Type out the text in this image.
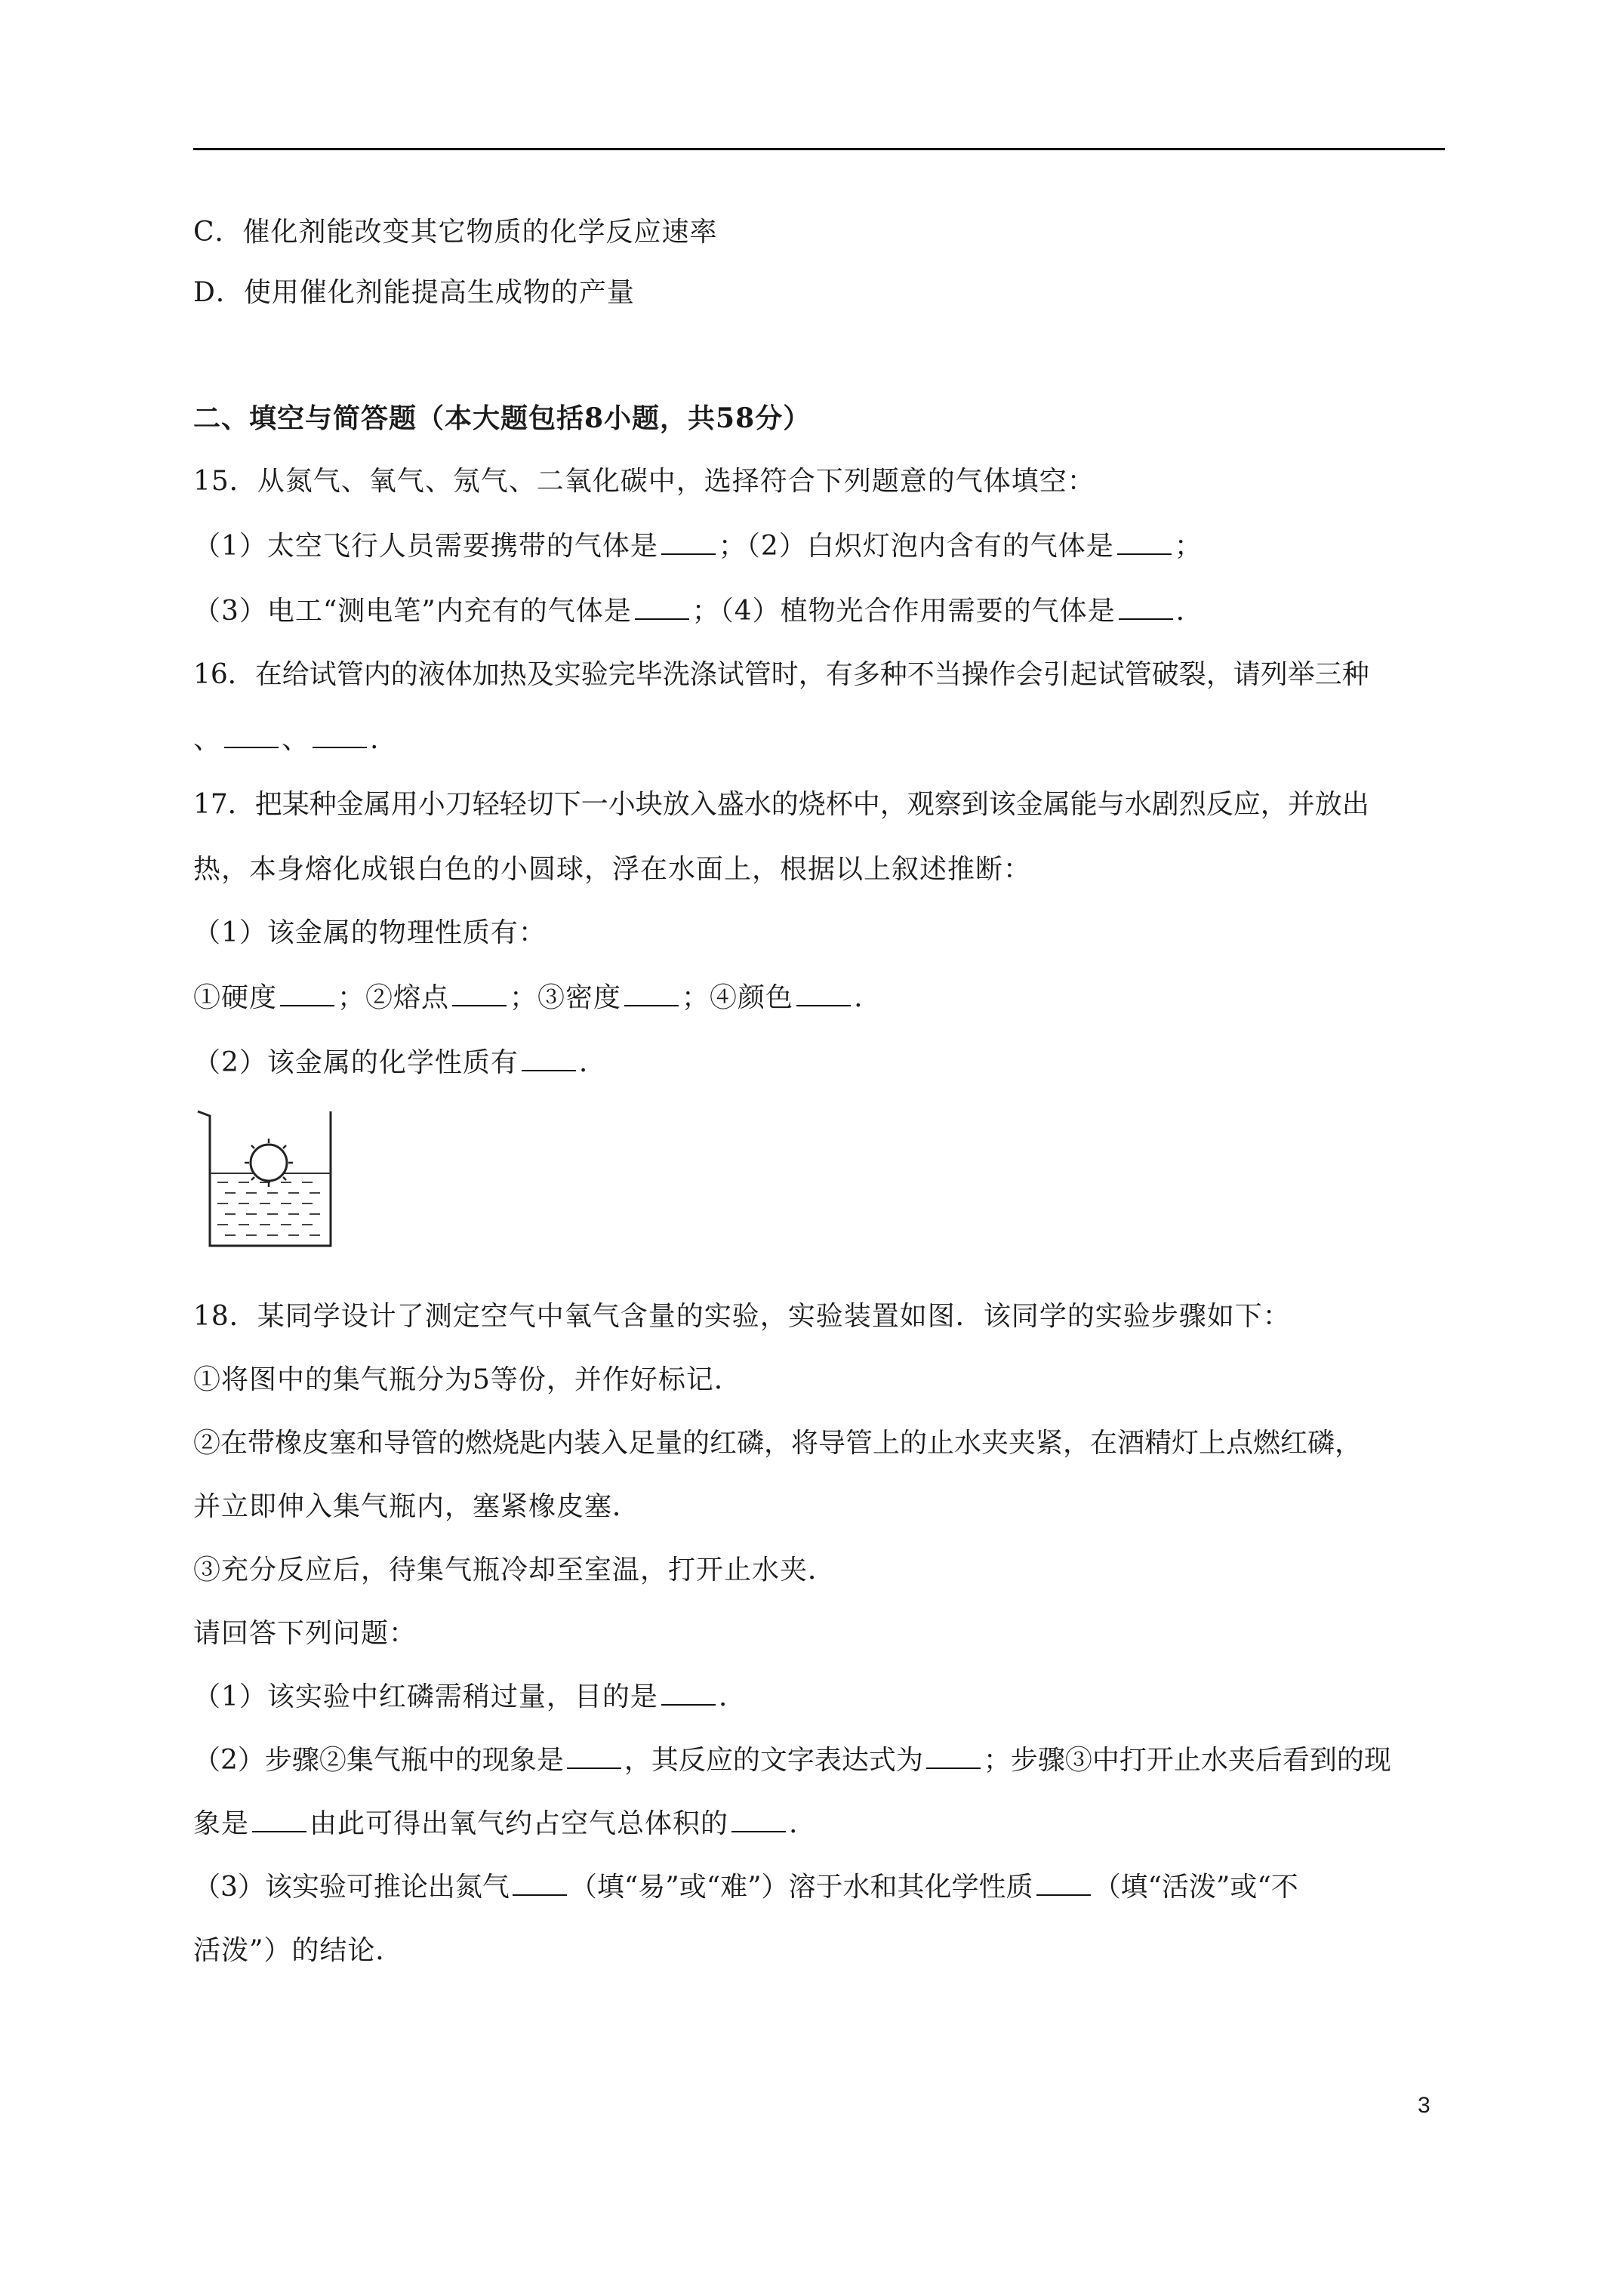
C．催化剂能改变其它物质的化学反应速率
D．使用催化剂能提高生成物的产量
二、填空与简答题（本大题包括8小题，共58分）
15．从氮气、氧气、氖气、二氧化碳中，选择符合下列题意的气体填空：
（1）太空飞行人员需要携带的气体是 ；（2）白炽灯泡内含有的气体是 ；
（3）电工“测电笔”内充有的气体是 ；（4）植物光合作用需要的气体是 .
16．在给试管内的液体加热及实验完毕洗涤试管时，有多种不当操作会引起试管破裂，请列举三种
、 、 .
17．把某种金属用小刀轻轻切下一小块放入盛水的烧杯中，观察到该金属能与水剧烈反应，并放出
热，本身熔化成银白色的小圆球，浮在水面上，根据以上叙述推断：
（1）该金属的物理性质有：
①硬度 ；②熔点 ；③密度 ；④颜色 .
（2）该金属的化学性质有 .
18．某同学设计了测定空气中氧气含量的实验，实验装置如图．该同学的实验步骤如下：
①将图中的集气瓶分为5等份，并作好标记．
②在带橡皮塞和导管的燃烧匙内装入足量的红磷，将导管上的止水夹夹紧，在酒精灯上点燃红磷，
并立即伸入集气瓶内，塞紧橡皮塞．
③充分反应后，待集气瓶冷却至室温，打开止水夹．
请回答下列问题：
（1）该实验中红磷需稍过量，目的是 .
（2）步骤②集气瓶中的现象是 ，其反应的文字表达式为 ；步骤③中打开止水夹后看到的现
象是 由此可得出氧气约占空气总体积的 .
（3）该实验可推论出氮气 （填“易”或“难”）溶于水和其化学性质 （填“活泼”或“不
活泼”）的结论．
3
